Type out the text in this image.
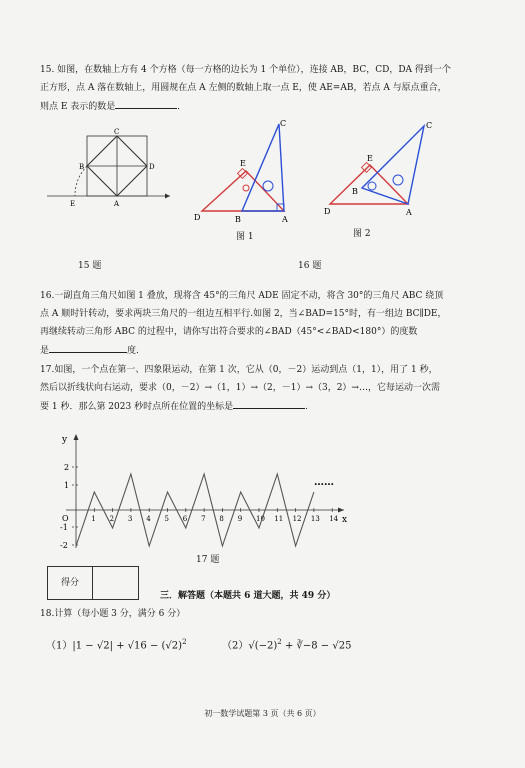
15. 如图，在数轴上方有 4 个方格（每一方格的边长为 1 个单位），连接 AB，BC，CD，DA 得到一个
正方形，点 A 落在数轴上，用圆规在点 A 左侧的数轴上取一点 E，使 AE=AB，若点 A 与原点重合，
则点 E 表示的数是	．
C
B	D
E	A
C
E
B
D	A
图 1
C
E
B
D	A
图 2
15 题	16 题
16.一副直角三角尺如图 1 叠放，现将含 45°的三角尺 ADE 固定不动，将含 30°的三角尺 ABC 绕顶
点 A 顺时针转动，要求两块三角尺的一组边互相平行.如图 2，当∠BAD=15°时，有一组边 BC∥DE，
再继续转动三角形 ABC 的过程中，请你写出符合要求的∠BAD（45°<∠BAD<180°）的度数
是	度.
17.如图，一个点在第一、四象限运动，在第 1 次，它从（0，－2）运动到点（1，1），用了 1 秒，
然后以折线状向右运动，要求（0，－2）→（1，1）→（2，－1）→（3，2）→…，它每运动一次需
要 1 秒．那么第 2023 秒时点所在位置的坐标是	.
1 2 3 4 5 6 7 8 9 10 11 12 13 14
y
x
O
2
1
-1
-2
……
17 题
得分
三．解答题（本题共 6 道大题，共 49 分）
18.计算（每小题 3 分，满分 6 分）
$(1)|1 - √2| + √16 - (√2)^2$	$(2)√(-2)^2$ + ∛−8 − √25
初一数学试题第 3 页（共 6 页）
